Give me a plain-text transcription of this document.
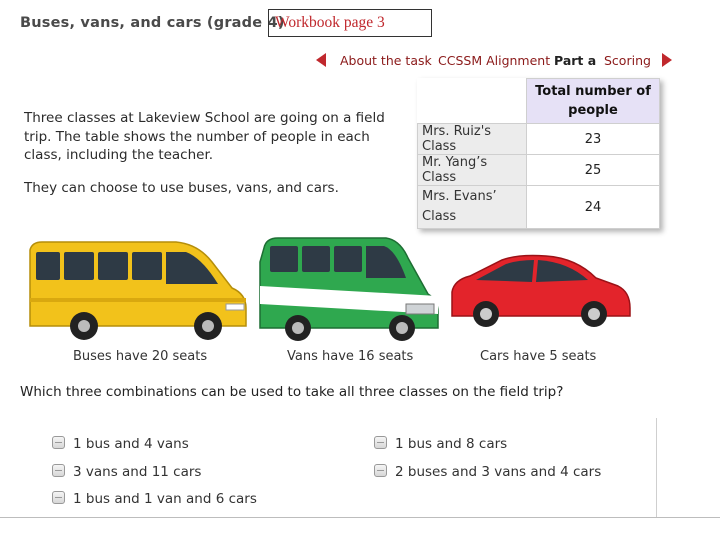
Buses, vans, and cars (grade 4)
Workbook page 3
About the task CCSSM Alignment Part a Scoring
Three classes at Lakeview School are going on a field trip. The table shows the number of people in each class, including the teacher.
They can choose to use buses, vans, and cars.
	Total number of people
Mrs. Ruiz's Class	23
Mr. Yang’s Class	25
Mrs. Evans’ Class	24
Buses have 20 seats	Vans have 16 seats	Cars have 5 seats
Which three combinations can be used to take all three classes on the field trip?
1 bus and 4 vans
3 vans and 11 cars
1 bus and 1 van and 6 cars
1 bus and 8 cars
2 buses and 3 vans and 4 cars
